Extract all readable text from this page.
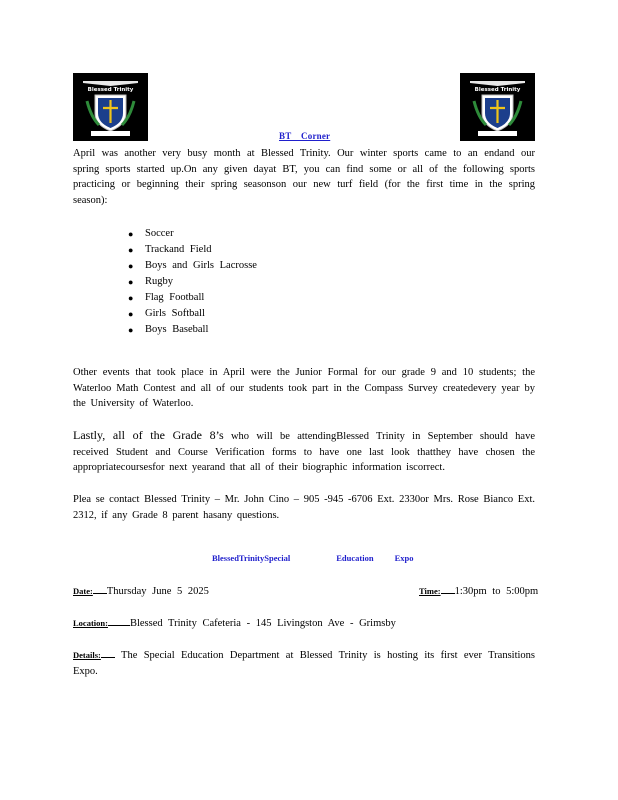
Blessed Trinity	Blessed Trinity
BT    Corner
April was another very busy month at Blessed Trinity. Our winter sports came to an endand our spring sports started up.On any given dayat BT, you can find some or all of the following sports practicing or beginning their spring seasonson our new turf field (for the first time in the spring season):
● Soccer
● Trackand Field
● Boys and Girls Lacrosse
● Rugby
● Flag Football
● Girls Softball
● Boys Baseball
Other events that took place in April were the Junior Formal for our grade 9 and 10 students; the Waterloo Math Contest and all of our students took part in the Compass Survey createdevery year by the University of Waterloo.
Lastly, all of the Grade 8’s who will be attendingBlessed Trinity in September should have received Student and Course Verification forms to have one last look thatthey have chosen the appropriatecoursesfor next yearand that all of their biographic information iscorrect.
Plea se contact Blessed Trinity – Mr. John Cino – 905 -945 -6706 Ext. 2330or Mrs. Rose Bianco Ext. 2312, if any Grade 8 parent hasany questions.
BlessedTrinitySpecial	Education Expo
Date: Thursday June 5 2025	Time: 1:30pm to 5:00pm
Location: Blessed Trinity Cafeteria - 145 Livingston Ave - Grimsby
Details: The Special Education Department at Blessed Trinity is hosting its first ever Transitions Expo.
